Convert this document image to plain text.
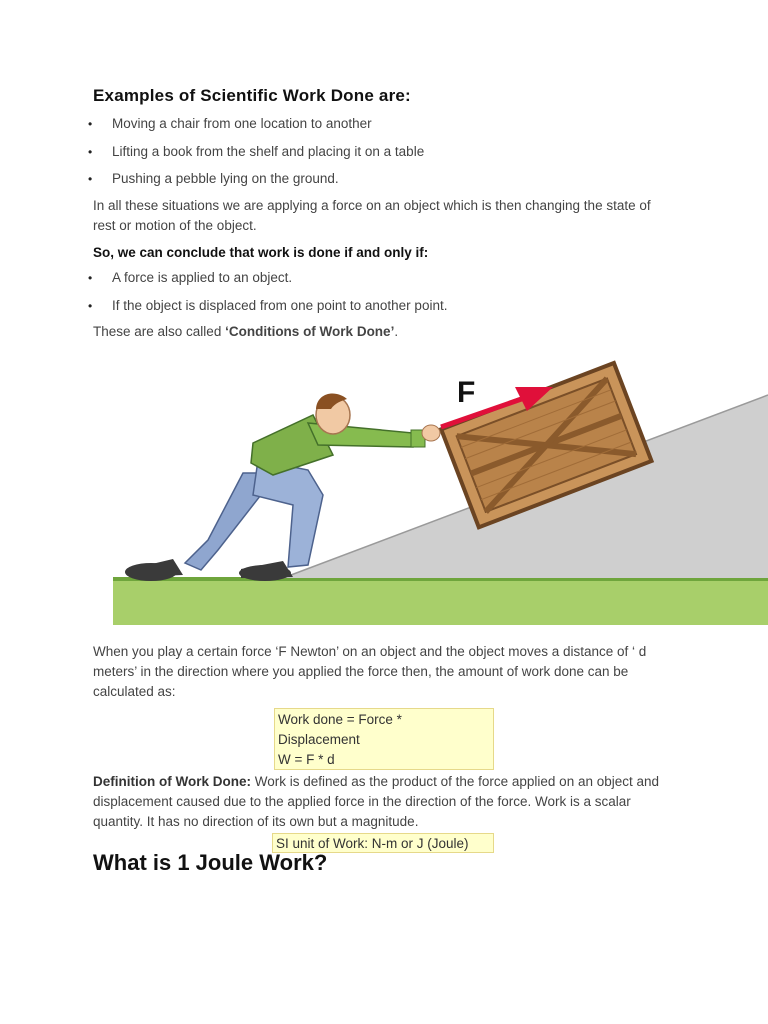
Examples of Scientific Work Done are:
• Moving a chair from one location to another
• Lifting a book from the shelf and placing it on a table
• Pushing a pebble lying on the ground.
In all these situations we are applying a force on an object which is then changing the state of rest or motion of the object.
So, we can conclude that work is done if and only if:
• A force is applied to an object.
• If the object is displaced from one point to another point.
These are also called ‘Conditions of Work Done’.
F
When you play a certain force ‘F Newton’ on an object and the object moves a distance of ‘ d meters’ in the direction where you applied the force then, the amount of work done can be calculated as:
Work done = Force *
Displacement
W = F * d
Definition of Work Done: Work is defined as the product of the force applied on an object and displacement caused due to the applied force in the direction of the force. Work is a scalar quantity. It has no direction of its own but a magnitude.
SI unit of Work: N-m or J (Joule)
What is 1 Joule Work?
